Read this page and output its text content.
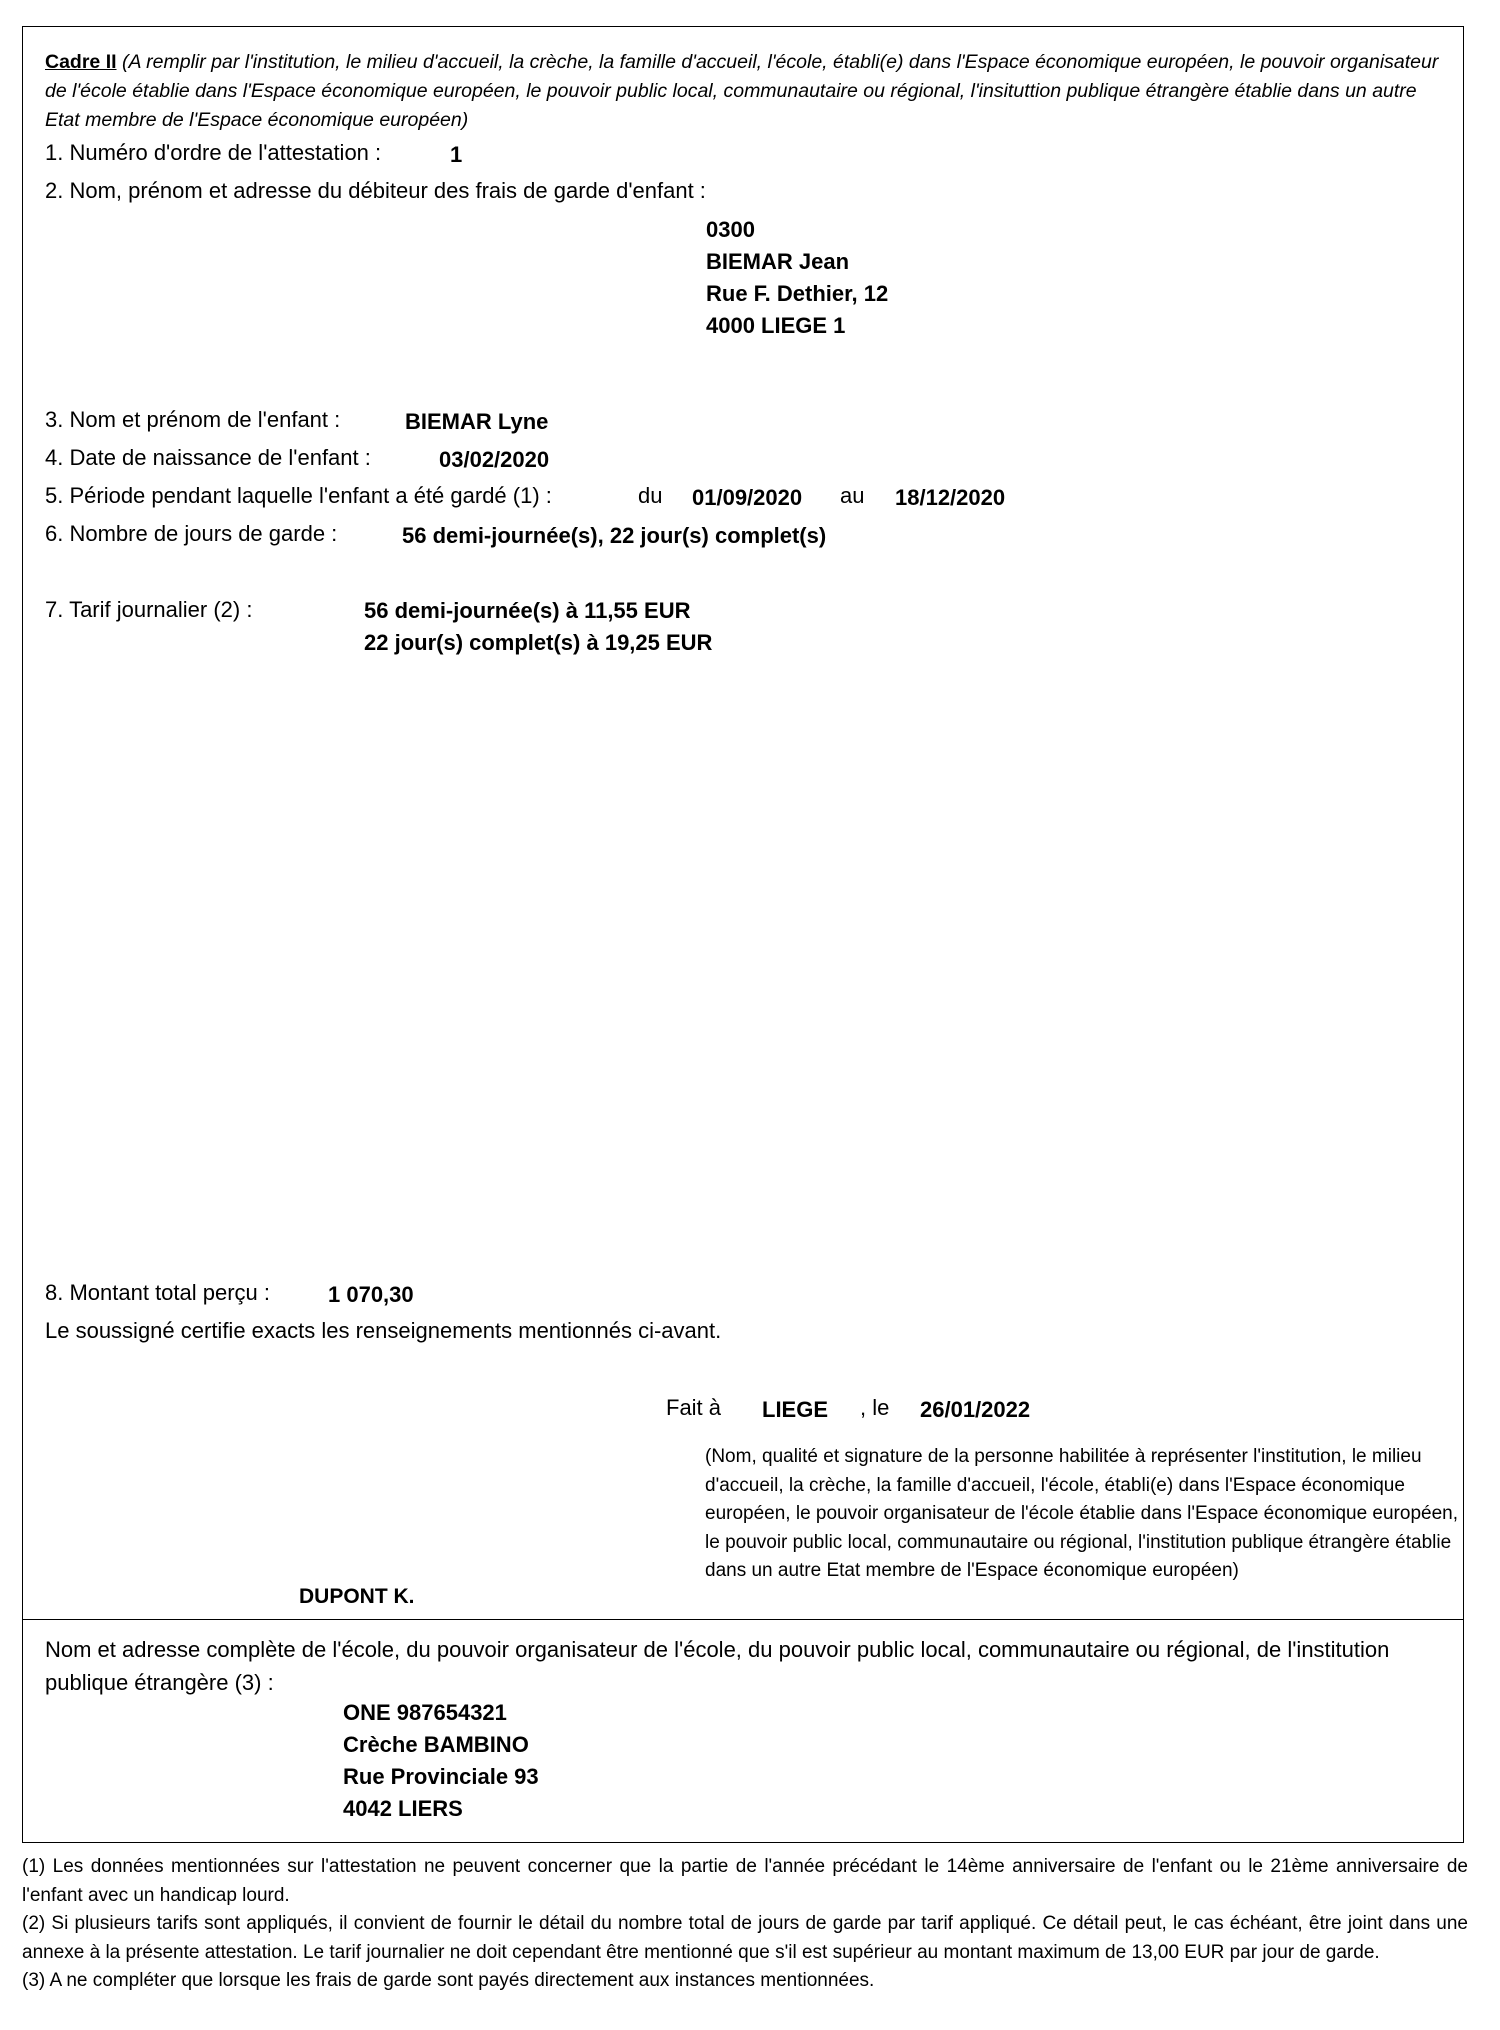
Cadre II (A remplir par l'institution, le milieu d'accueil, la crèche, la famille d'accueil, l'école, établi(e) dans l'Espace économique européen, le pouvoir organisateur de l'école établie dans l'Espace économique européen, le pouvoir public local, communautaire ou régional, l'insituttion publique étrangère établie dans un autre Etat membre de l'Espace économique européen)
1. Numéro d'ordre de l'attestation :	1
2. Nom, prénom et adresse du débiteur des frais de garde d'enfant :
0300
BIEMAR Jean
Rue F. Dethier, 12
4000 LIEGE 1
3. Nom et prénom de l'enfant :	BIEMAR Lyne
4. Date de naissance de l'enfant :	03/02/2020
5. Période pendant laquelle l'enfant a été gardé (1) :	du 01/09/2020 au 18/12/2020
6. Nombre de jours de garde :	56 demi-journée(s), 22 jour(s) complet(s)
7. Tarif journalier (2) :	56 demi-journée(s) à 11,55 EUR
22 jour(s) complet(s) à 19,25 EUR
8. Montant total perçu :	1 070,30
Le soussigné certifie exacts les renseignements mentionnés ci-avant.
Fait à LIEGE , le 26/01/2022
(Nom, qualité et signature de la personne habilitée à représenter l'institution, le milieu d'accueil, la crèche, la famille d'accueil, l'école, établi(e) dans l'Espace économique européen, le pouvoir organisateur de l'école établie dans l'Espace économique européen, le pouvoir public local, communautaire ou régional, l'institution publique étrangère établie dans un autre Etat membre de l'Espace économique européen)
DUPONT K.
Nom et adresse complète de l'école, du pouvoir organisateur de l'école, du pouvoir public local, communautaire ou régional, de l'institution publique étrangère (3) :
ONE 987654321
Crèche BAMBINO
Rue Provinciale 93
4042 LIERS

(1) Les données mentionnées sur l'attestation ne peuvent concerner que la partie de l'année précédant le 14ème anniversaire de l'enfant ou le 21ème anniversaire de l'enfant avec un handicap lourd.

(2) Si plusieurs tarifs sont appliqués, il convient de fournir le détail du nombre total de jours de garde par tarif appliqué. Ce détail peut, le cas échéant, être joint dans une annexe à la présente attestation. Le tarif journalier ne doit cependant être mentionné que s'il est supérieur au montant maximum de 13,00 EUR par jour de garde.

(3) A ne compléter que lorsque les frais de garde sont payés directement aux instances mentionnées.
